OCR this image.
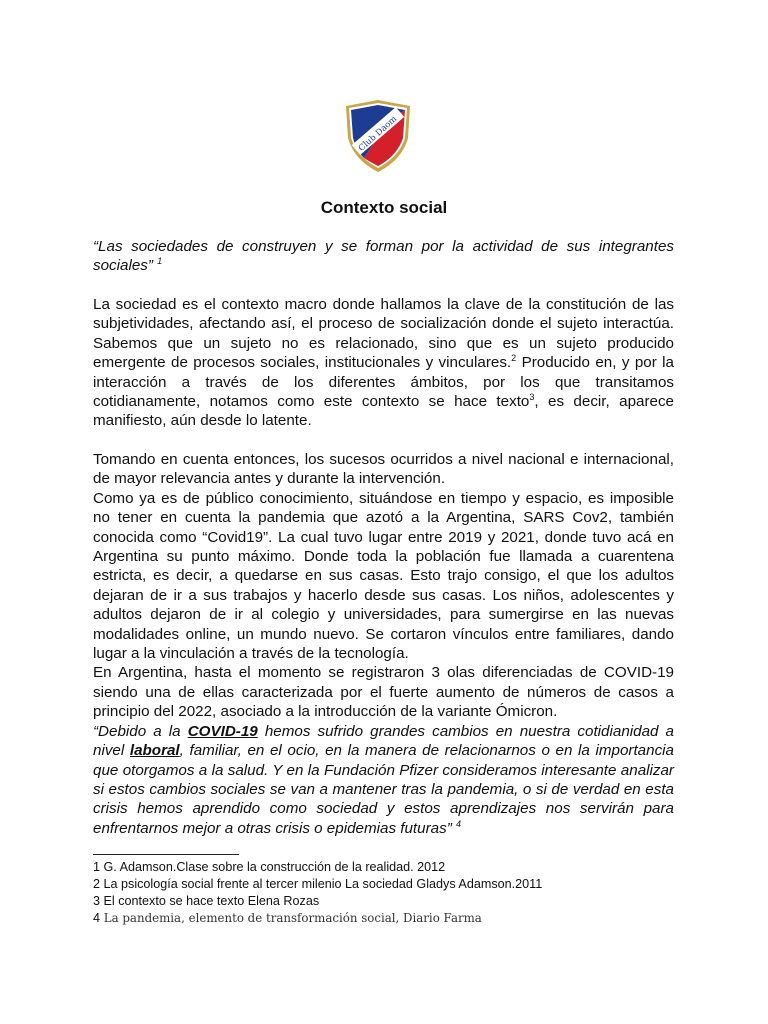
Club Daom
Contexto social

“Las sociedades de construyen y se forman por la actividad de sus integrantes sociales” $^1$

La sociedad es el contexto macro donde hallamos la clave de la constitución de las subjetividades, afectando así, el proceso de socialización donde el sujeto interactúa. Sabemos que un sujeto no es relacionado, sino que es un sujeto producido emergente de procesos sociales, institucionales y vinculares.$^2$ Producido en, y por la interacción a través de los diferentes ámbitos, por los que transitamos cotidianamente, notamos como este contexto se hace texto$^3$, es decir, aparece manifiesto, aún desde lo latente.

Tomando en cuenta entonces, los sucesos ocurridos a nivel nacional e internacional, de mayor relevancia antes y durante la intervención.

Como ya es de público conocimiento, situándose en tiempo y espacio, es imposible no tener en cuenta la pandemia que azotó a la Argentina, SARS Cov2, también conocida como “Covid19”. La cual tuvo lugar entre 2019 y 2021, donde tuvo acá en Argentina su punto máximo. Donde toda la población fue llamada a cuarentena estricta, es decir, a quedarse en sus casas. Esto trajo consigo, el que los adultos dejaran de ir a sus trabajos y hacerlo desde sus casas. Los niños, adolescentes y adultos dejaron de ir al colegio y universidades, para sumergirse en las nuevas modalidades online, un mundo nuevo. Se cortaron vínculos entre familiares, dando lugar a la vinculación a través de la tecnología.

En Argentina, hasta el momento se registraron 3 olas diferenciadas de COVID-19 siendo una de ellas caracterizada por el fuerte aumento de números de casos a principio del 2022, asociado a la introducción de la variante Ómicron.

“Debido a la COVID-19 hemos sufrido grandes cambios en nuestra cotidianidad a nivel laboral, familiar, en el ocio, en la manera de relacionarnos o en la importancia que otorgamos a la salud. Y en la Fundación Pfizer consideramos interesante analizar si estos cambios sociales se van a mantener tras la pandemia, o si de verdad en esta crisis hemos aprendido como sociedad y estos aprendizajes nos servirán para enfrentarnos mejor a otras crisis o epidemias futuras” $^4$

1 G. Adamson.Clase sobre la construcción de la realidad. 2012
2 La psicología social frente al tercer milenio La sociedad Gladys Adamson.2011
3 El contexto se hace texto Elena Rozas
4 La pandemia, elemento de transformación social, Diario Farma
